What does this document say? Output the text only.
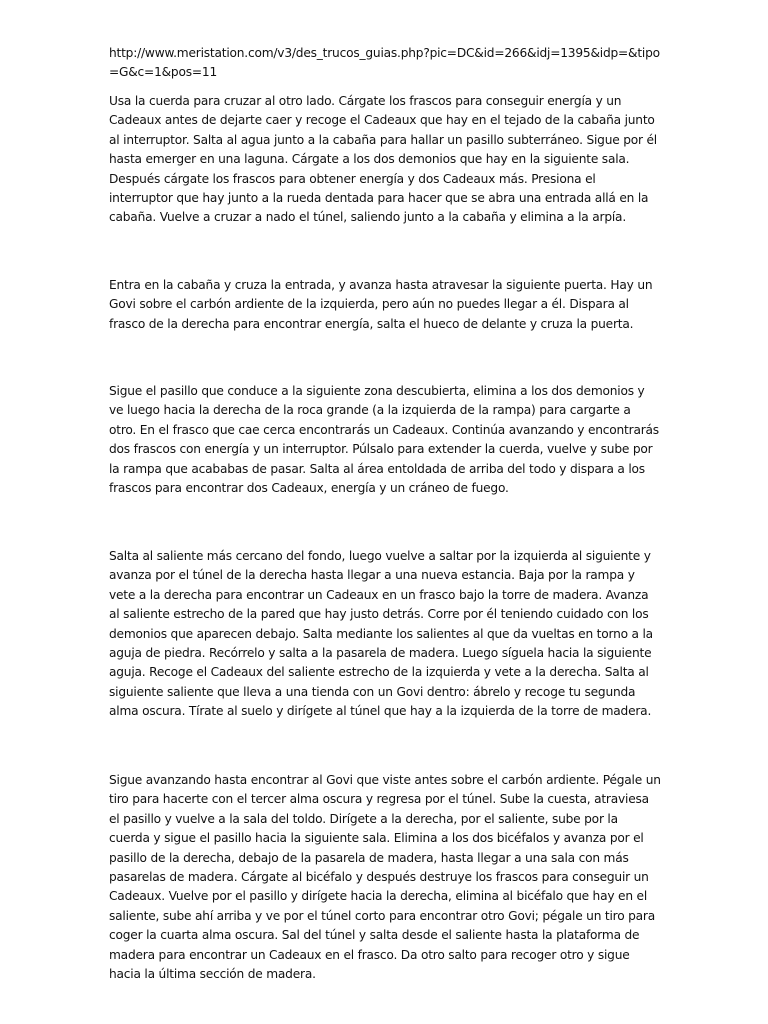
http://www.meristation.com/v3/des_trucos_guias.php?pic=DC&id=266&idj=1395&idp=&tipo=G&c=1&pos=11

Usa la cuerda para cruzar al otro lado. Cárgate los frascos para conseguir energía y un Cadeaux antes de dejarte caer y recoge el Cadeaux que hay en el tejado de la cabaña junto al interruptor. Salta al agua junto a la cabaña para hallar un pasillo subterráneo. Sigue por él hasta emerger en una laguna. Cárgate a los dos demonios que hay en la siguiente sala. Después cárgate los frascos para obtener energía y dos Cadeaux más. Presiona el interruptor que hay junto a la rueda dentada para hacer que se abra una entrada allá en la cabaña. Vuelve a cruzar a nado el túnel, saliendo junto a la cabaña y elimina a la arpía.

Entra en la cabaña y cruza la entrada, y avanza hasta atravesar la siguiente puerta. Hay un Govi sobre el carbón ardiente de la izquierda, pero aún no puedes llegar a él. Dispara al frasco de la derecha para encontrar energía, salta el hueco de delante y cruza la puerta.

Sigue el pasillo que conduce a la siguiente zona descubierta, elimina a los dos demonios y ve luego hacia la derecha de la roca grande (a la izquierda de la rampa) para cargarte a otro. En el frasco que cae cerca encontrarás un Cadeaux. Continúa avanzando y encontrarás dos frascos con energía y un interruptor. Púlsalo para extender la cuerda, vuelve y sube por la rampa que acababas de pasar. Salta al área entoldada de arriba del todo y dispara a los frascos para encontrar dos Cadeaux, energía y un cráneo de fuego.

Salta al saliente más cercano del fondo, luego vuelve a saltar por la izquierda al siguiente y avanza por el túnel de la derecha hasta llegar a una nueva estancia. Baja por la rampa y vete a la derecha para encontrar un Cadeaux en un frasco bajo la torre de madera. Avanza al saliente estrecho de la pared que hay justo detrás. Corre por él teniendo cuidado con los demonios que aparecen debajo. Salta mediante los salientes al que da vueltas en torno a la aguja de piedra. Recórrelo y salta a la pasarela de madera. Luego síguela hacia la siguiente aguja. Recoge el Cadeaux del saliente estrecho de la izquierda y vete a la derecha. Salta al siguiente saliente que lleva a una tienda con un Govi dentro: ábrelo y recoge tu segunda alma oscura. Tírate al suelo y dirígete al túnel que hay a la izquierda de la torre de madera.

Sigue avanzando hasta encontrar al Govi que viste antes sobre el carbón ardiente. Pégale un tiro para hacerte con el tercer alma oscura y regresa por el túnel. Sube la cuesta, atraviesa el pasillo y vuelve a la sala del toldo. Dirígete a la derecha, por el saliente, sube por la cuerda y sigue el pasillo hacia la siguiente sala. Elimina a los dos bicéfalos y avanza por el pasillo de la derecha, debajo de la pasarela de madera, hasta llegar a una sala con más pasarelas de madera. Cárgate al bicéfalo y después destruye los frascos para conseguir un Cadeaux. Vuelve por el pasillo y dirígete hacia la derecha, elimina al bicéfalo que hay en el saliente, sube ahí arriba y ve por el túnel corto para encontrar otro Govi; pégale un tiro para coger la cuarta alma oscura. Sal del túnel y salta desde el saliente hasta la plataforma de madera para encontrar un Cadeaux en el frasco. Da otro salto para recoger otro y sigue hacia la última sección de madera.
